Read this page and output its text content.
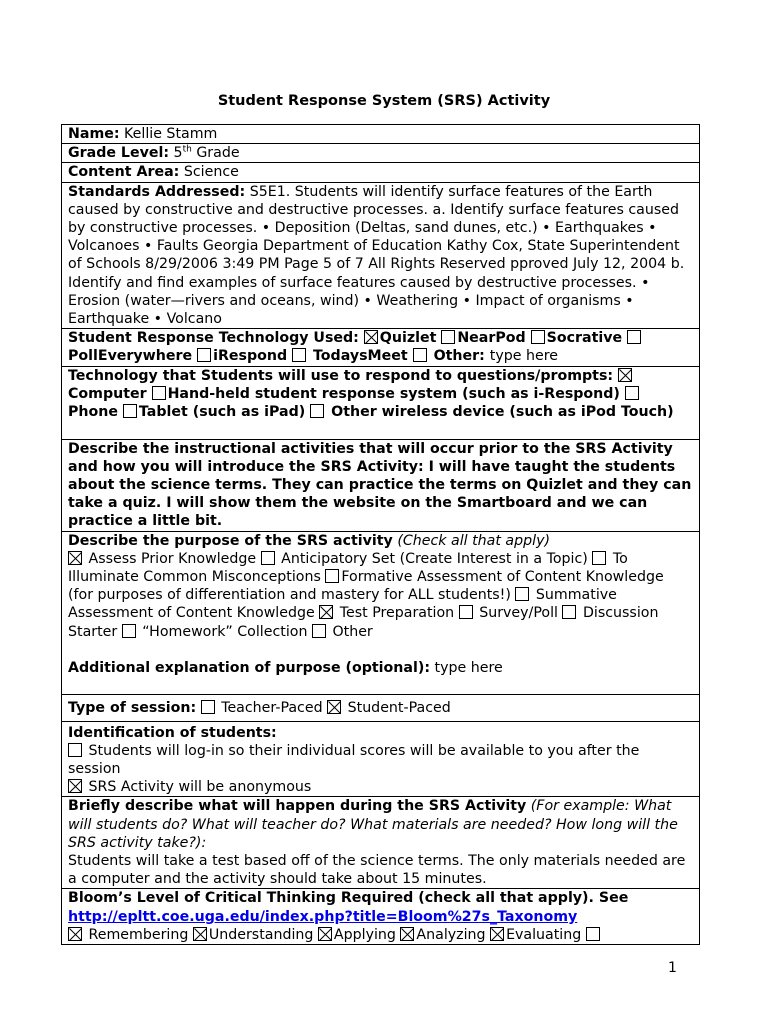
Student Response System (SRS) Activity
Name: Kellie Stamm
Grade Level: 5th Grade
Content Area: Science
Standards Addressed: S5E1. Students will identify surface features of the Earth caused by constructive and destructive processes. a. Identify surface features caused by constructive processes. • Deposition (Deltas, sand dunes, etc.) • Earthquakes • Volcanoes • Faults Georgia Department of Education Kathy Cox, State Superintendent of Schools 8/29/2006 3:49 PM Page 5 of 7 All Rights Reserved pproved July 12, 2004 b. Identify and find examples of surface features caused by destructive processes. • Erosion (water—rivers and oceans, wind) • Weathering • Impact of organisms • Earthquake • Volcano
Student Response Technology Used: Quizlet NearPod Socrative  PollEverywhere iRespond TodaysMeet Other: type here
Technology that Students will use to respond to questions/prompts:  Computer Hand-held student response system (such as i-Respond)  Phone Tablet (such as iPad) Other wireless device (such as iPod Touch)
Describe the instructional activities that will occur prior to the SRS Activity and how you will introduce the SRS Activity: I will have taught the students about the science terms. They can practice the terms on Quizlet and they can take a quiz. I will show them the website on the Smartboard and we can practice a little bit.
Describe the purpose of the SRS activity (Check all that apply)
Assess Prior Knowledge Anticipatory Set (Create Interest in a Topic) To Illuminate Common Misconceptions Formative Assessment of Content Knowledge (for purposes of differentiation and mastery for ALL students!) Summative Assessment of Content Knowledge Test Preparation Survey/Poll Discussion Starter “Homework” Collection Other
Additional explanation of purpose (optional): type here
Type of session: Teacher-Paced Student-Paced
Identification of students:
Students will log-in so their individual scores will be available to you after the session
SRS Activity will be anonymous
Briefly describe what will happen during the SRS Activity (For example: What will students do? What will teacher do? What materials are needed? How long will the SRS activity take?):
Students will take a test based off of the science terms. The only materials needed are a computer and the activity should take about 15 minutes.
Bloom’s Level of Critical Thinking Required (check all that apply). See
http://epltt.coe.uga.edu/index.php?title=Bloom%27s_Taxonomy
Remembering Understanding Applying Analyzing Evaluating
1
